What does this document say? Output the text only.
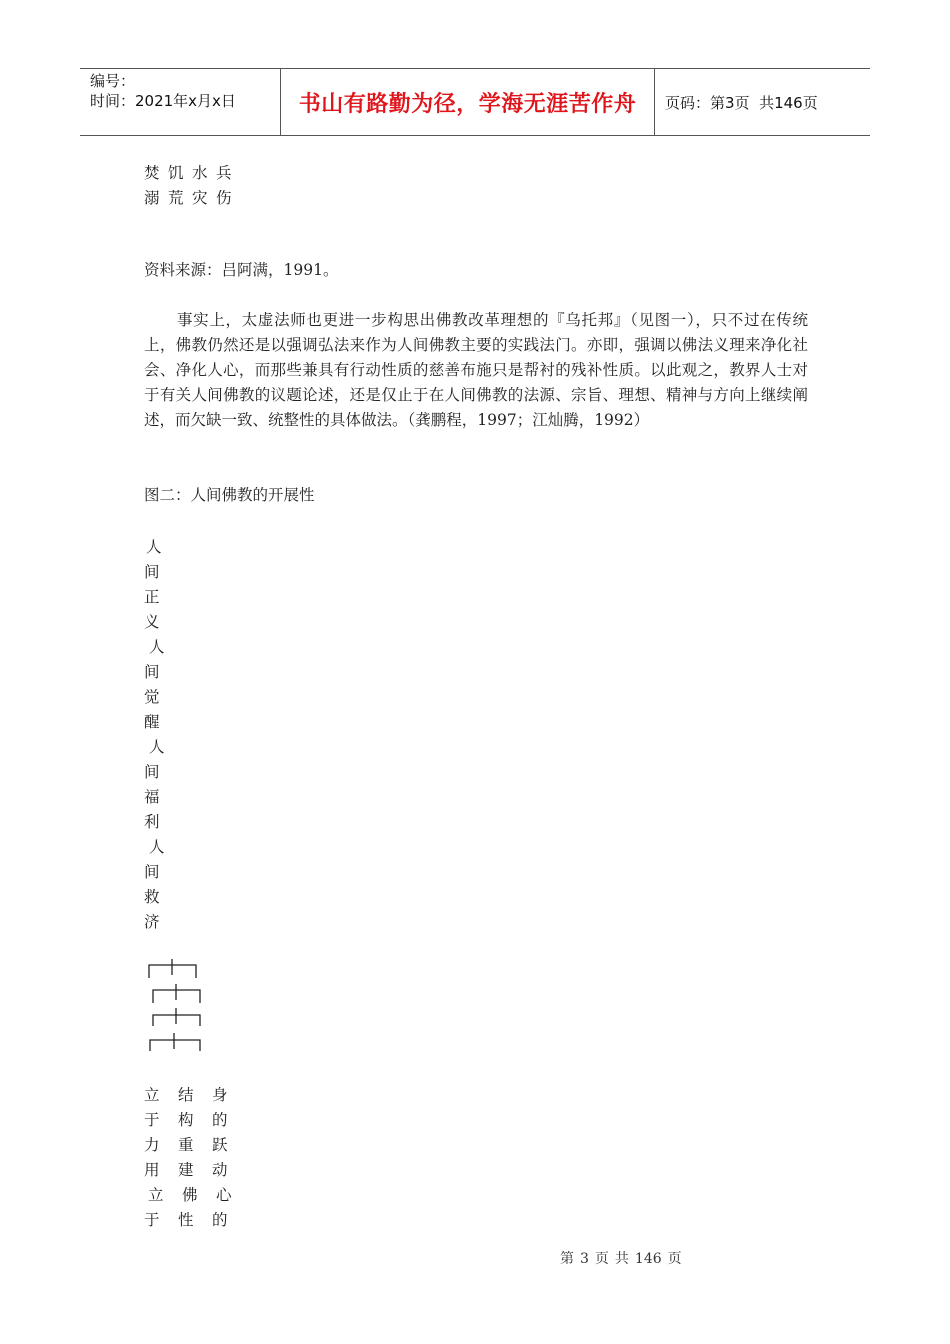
编号：
时间：2021年x月x日	书山有路勤为径，学海无涯苦作舟	页码：第3页  共146页
焚 饥 水 兵
溺 荒 灾 伤
资料来源：吕阿满，1991。
事实上，太虚法师也更进一步构思出佛教改革理想的『乌托邦』（见图一），只不过在传统上，佛教仍然还是以强调弘法来作为人间佛教主要的实践法门。亦即，强调以佛法义理来净化社会、净化人心，而那些兼具有行动性质的慈善布施只是帮衬的残补性质。以此观之，教界人士对于有关人间佛教的议题论述，还是仅止于在人间佛教的法源、宗旨、理想、精神与方向上继续阐述，而欠缺一致、统整性的具体做法。（龚鹏程，1997；江灿腾，1992）
图二：人间佛教的开展性
人
间
正
义
人
间
觉
醒
人
间
福
利
人
间
救
济
立	结	身
于	构	的
力	重	跃
用	建	动
立	佛	心
于	性	的
第 3 页 共 146 页
